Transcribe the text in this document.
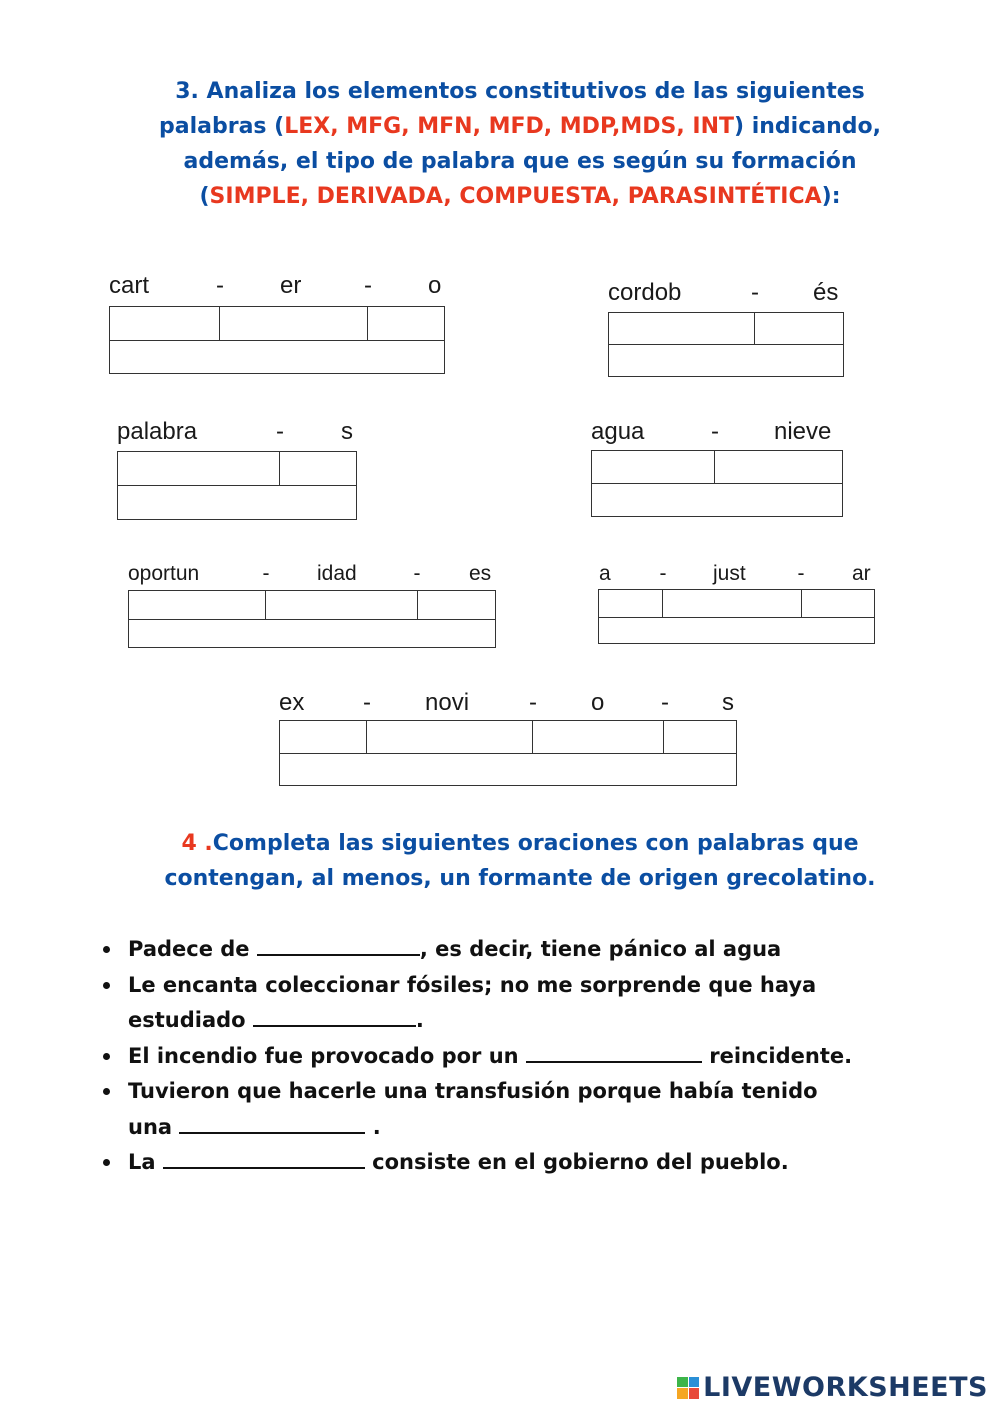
3. Analiza los elementos constitutivos de las siguientes
palabras (LEX, MFG, MFN, MFD, MDP,MDS, INT) indicando,
además, el tipo de palabra que es según su formación
(SIMPLE, DERIVADA, COMPUESTA, PARASINTÉTICA):
cart	- er	- o	cordob	- és
palabra	- s	agua	- nieve
oportun	- idad	- es	a - just - ar
ex - novi - o - s
4 .Completa las siguientes oraciones con palabras que
contengan, al menos, un formante de origen grecolatino.
Padece de	, es decir, tiene pánico al agua
Le encanta coleccionar fósiles; no me sorprende que haya
estudiado	.
El incendio fue provocado por un	reincidente.
Tuvieron que hacerle una transfusión porque había tenido
una	.
La	consiste en el gobierno del pueblo.
LIVEWORKSHEETS
